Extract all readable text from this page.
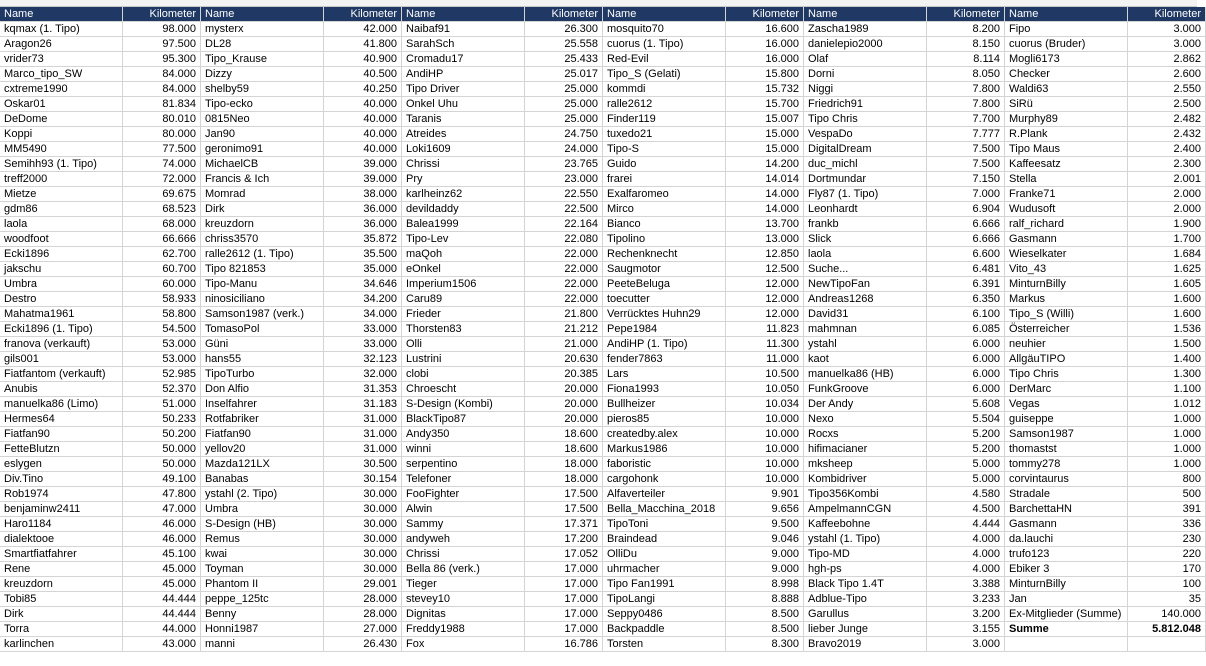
Name
kqmax (1. Tipo)
Aragon26
vrider73
Marco_tipo_SW
cxtreme1990
Oskar01
DeDome
Koppi
MM5490
Semihh93 (1. Tipo)
treff2000
Mietze
gdm86
laola
woodfoot
Ecki1896
jakschu
Umbra
Destro
Mahatma1961
Ecki1896 (1. Tipo)
franova (verkauft)
gils001
Fiatfantom (verkauft)
Anubis
manuelka86 (Limo)
Hermes64
Fiatfan90
FetteBlutzn
eslygen
Div.Tino
Rob1974
benjaminw2411
Haro1184
dialektooe
Smartfiatfahrer
Rene
kreuzdorn
Tobi85
Dirk
Torra
karlinchen
Kilometer
98.000
97.500
95.300
84.000
84.000
81.834
80.010
80.000
77.500
74.000
72.000
69.675
68.523
68.000
66.666
62.700
60.700
60.000
58.933
58.800
54.500
53.000
53.000
52.985
52.370
51.000
50.233
50.200
50.000
50.000
49.100
47.800
47.000
46.000
46.000
45.100
45.000
45.000
44.444
44.444
44.000
43.000
Name
mysterx
DL28
Tipo_Krause
Dizzy
shelby59
Tipo-ecko
0815Neo
Jan90
geronimo91
MichaelCB
Francis & Ich
Momrad
Dirk
kreuzdorn
chriss3570
ralle2612 (1. Tipo)
Tipo 821853
Tipo-Manu
ninosiciliano
Samson1987 (verk.)
TomasoPol
Güni
hans55
TipoTurbo
Don Alfio
Inselfahrer
Rotfabriker
Fiatfan90
yellov20
Mazda121LX
Banabas
ystahl (2. Tipo)
Umbra
S-Design (HB)
Remus
kwai
Toyman
Phantom II
peppe_125tc
Benny
Honni1987
manni
Kilometer
42.000
41.800
40.900
40.500
40.250
40.000
40.000
40.000
40.000
39.000
39.000
38.000
36.000
36.000
35.872
35.500
35.000
34.646
34.200
34.000
33.000
33.000
32.123
32.000
31.353
31.183
31.000
31.000
31.000
30.500
30.154
30.000
30.000
30.000
30.000
30.000
30.000
29.001
28.000
28.000
27.000
26.430
Name
Naibaf91
SarahSch
Cromadu17
AndiHP
Tipo Driver
Onkel Uhu
Taranis
Atreides
Loki1609
Chrissi
Pry
karlheinz62
devildaddy
Balea1999
Tipo-Lev
maQoh
eOnkel
Imperium1506
Caru89
Frieder
Thorsten83
Olli
Lustrini
clobi
Chroescht
S-Design (Kombi)
BlackTipo87
Andy350
winni
serpentino
Telefoner
FooFighter
Alwin
Sammy
andyweh
Chrissi
Bella 86 (verk.)
Tieger
stevey10
Dignitas
Freddy1988
Fox
Kilometer
26.300
25.558
25.433
25.017
25.000
25.000
25.000
24.750
24.000
23.765
23.000
22.550
22.500
22.164
22.080
22.000
22.000
22.000
22.000
21.800
21.212
21.000
20.630
20.385
20.000
20.000
20.000
18.600
18.600
18.000
18.000
17.500
17.500
17.371
17.200
17.052
17.000
17.000
17.000
17.000
17.000
16.786
Name
mosquito70
cuorus (1. Tipo)
Red-Evil
Tipo_S (Gelati)
kommdi
ralle2612
Finder119
tuxedo21
Tipo-S
Guido
frarei
Exalfaromeo
Mirco
Bianco
Tipolino
Rechenknecht
Saugmotor
PeeteBeluga
toecutter
Verrücktes Huhn29
Pepe1984
AndiHP (1. Tipo)
fender7863
Lars
Fiona1993
Bullheizer
pieros85
createdby.alex
Markus1986
faboristic
cargohonk
Alfaverteiler
Bella_Macchina_2018
TipoToni
Braindead
OlliDu
uhrmacher
Tipo Fan1991
TipoLangi
Seppy0486
Backpaddle
Torsten
Kilometer
16.600
16.000
16.000
15.800
15.732
15.700
15.007
15.000
15.000
14.200
14.014
14.000
14.000
13.700
13.000
12.850
12.500
12.000
12.000
12.000
11.823
11.300
11.000
10.500
10.050
10.034
10.000
10.000
10.000
10.000
10.000
9.901
9.656
9.500
9.046
9.000
9.000
8.998
8.888
8.500
8.500
8.300
Name
Zascha1989
danielepio2000
Olaf
Dorni
Niggi
Friedrich91
Tipo Chris
VespaDo
DigitalDream
duc_michl
Dortmundar
Fly87 (1. Tipo)
Leonhardt
frankb
Slick
laola
Suche...
NewTipoFan
Andreas1268
David31
mahmnan
ystahl
kaot
manuelka86 (HB)
FunkGroove
Der Andy
Nexo
Rocxs
hifimacianer
mksheep
Kombidriver
Tipo356Kombi
AmpelmannCGN
Kaffeebohne
ystahl (1. Tipo)
Tipo-MD
hgh-ps
Black Tipo 1.4T
Adblue-Tipo
Garullus
lieber Junge
Bravo2019
Kilometer
8.200
8.150
8.114
8.050
7.800
7.800
7.700
7.777
7.500
7.500
7.150
7.000
6.904
6.666
6.666
6.600
6.481
6.391
6.350
6.100
6.085
6.000
6.000
6.000
6.000
5.608
5.504
5.200
5.200
5.000
5.000
4.580
4.500
4.444
4.000
4.000
4.000
3.388
3.233
3.200
3.155
3.000
Name
Fipo
cuorus (Bruder)
Mogli6173
Checker
Waldi63
SiRü
Murphy89
R.Plank
Tipo Maus
Kaffeesatz
Stella
Franke71
Wudusoft
ralf_richard
Gasmann
Wieselkater
Vito_43
MinturnBilly
Markus
Tipo_S (Willi)
Österreicher
neuhier
AllgäuTIPO
Tipo Chris
DerMarc
Vegas
guiseppe
Samson1987
thomastst
tommy278
corvintaurus
Stradale
BarchettaHN
Gasmann
da.lauchi
trufo123
Ebiker 3
MinturnBilly
Jan
Ex-Mitglieder (Summe)
Summe
Kilometer
3.000
3.000
2.862
2.600
2.550
2.500
2.482
2.432
2.400
2.300
2.001
2.000
2.000
1.900
1.700
1.684
1.625
1.605
1.600
1.600
1.536
1.500
1.400
1.300
1.100
1.012
1.000
1.000
1.000
1.000
800
500
391
336
230
220
170
100
35
140.000
5.812.048
